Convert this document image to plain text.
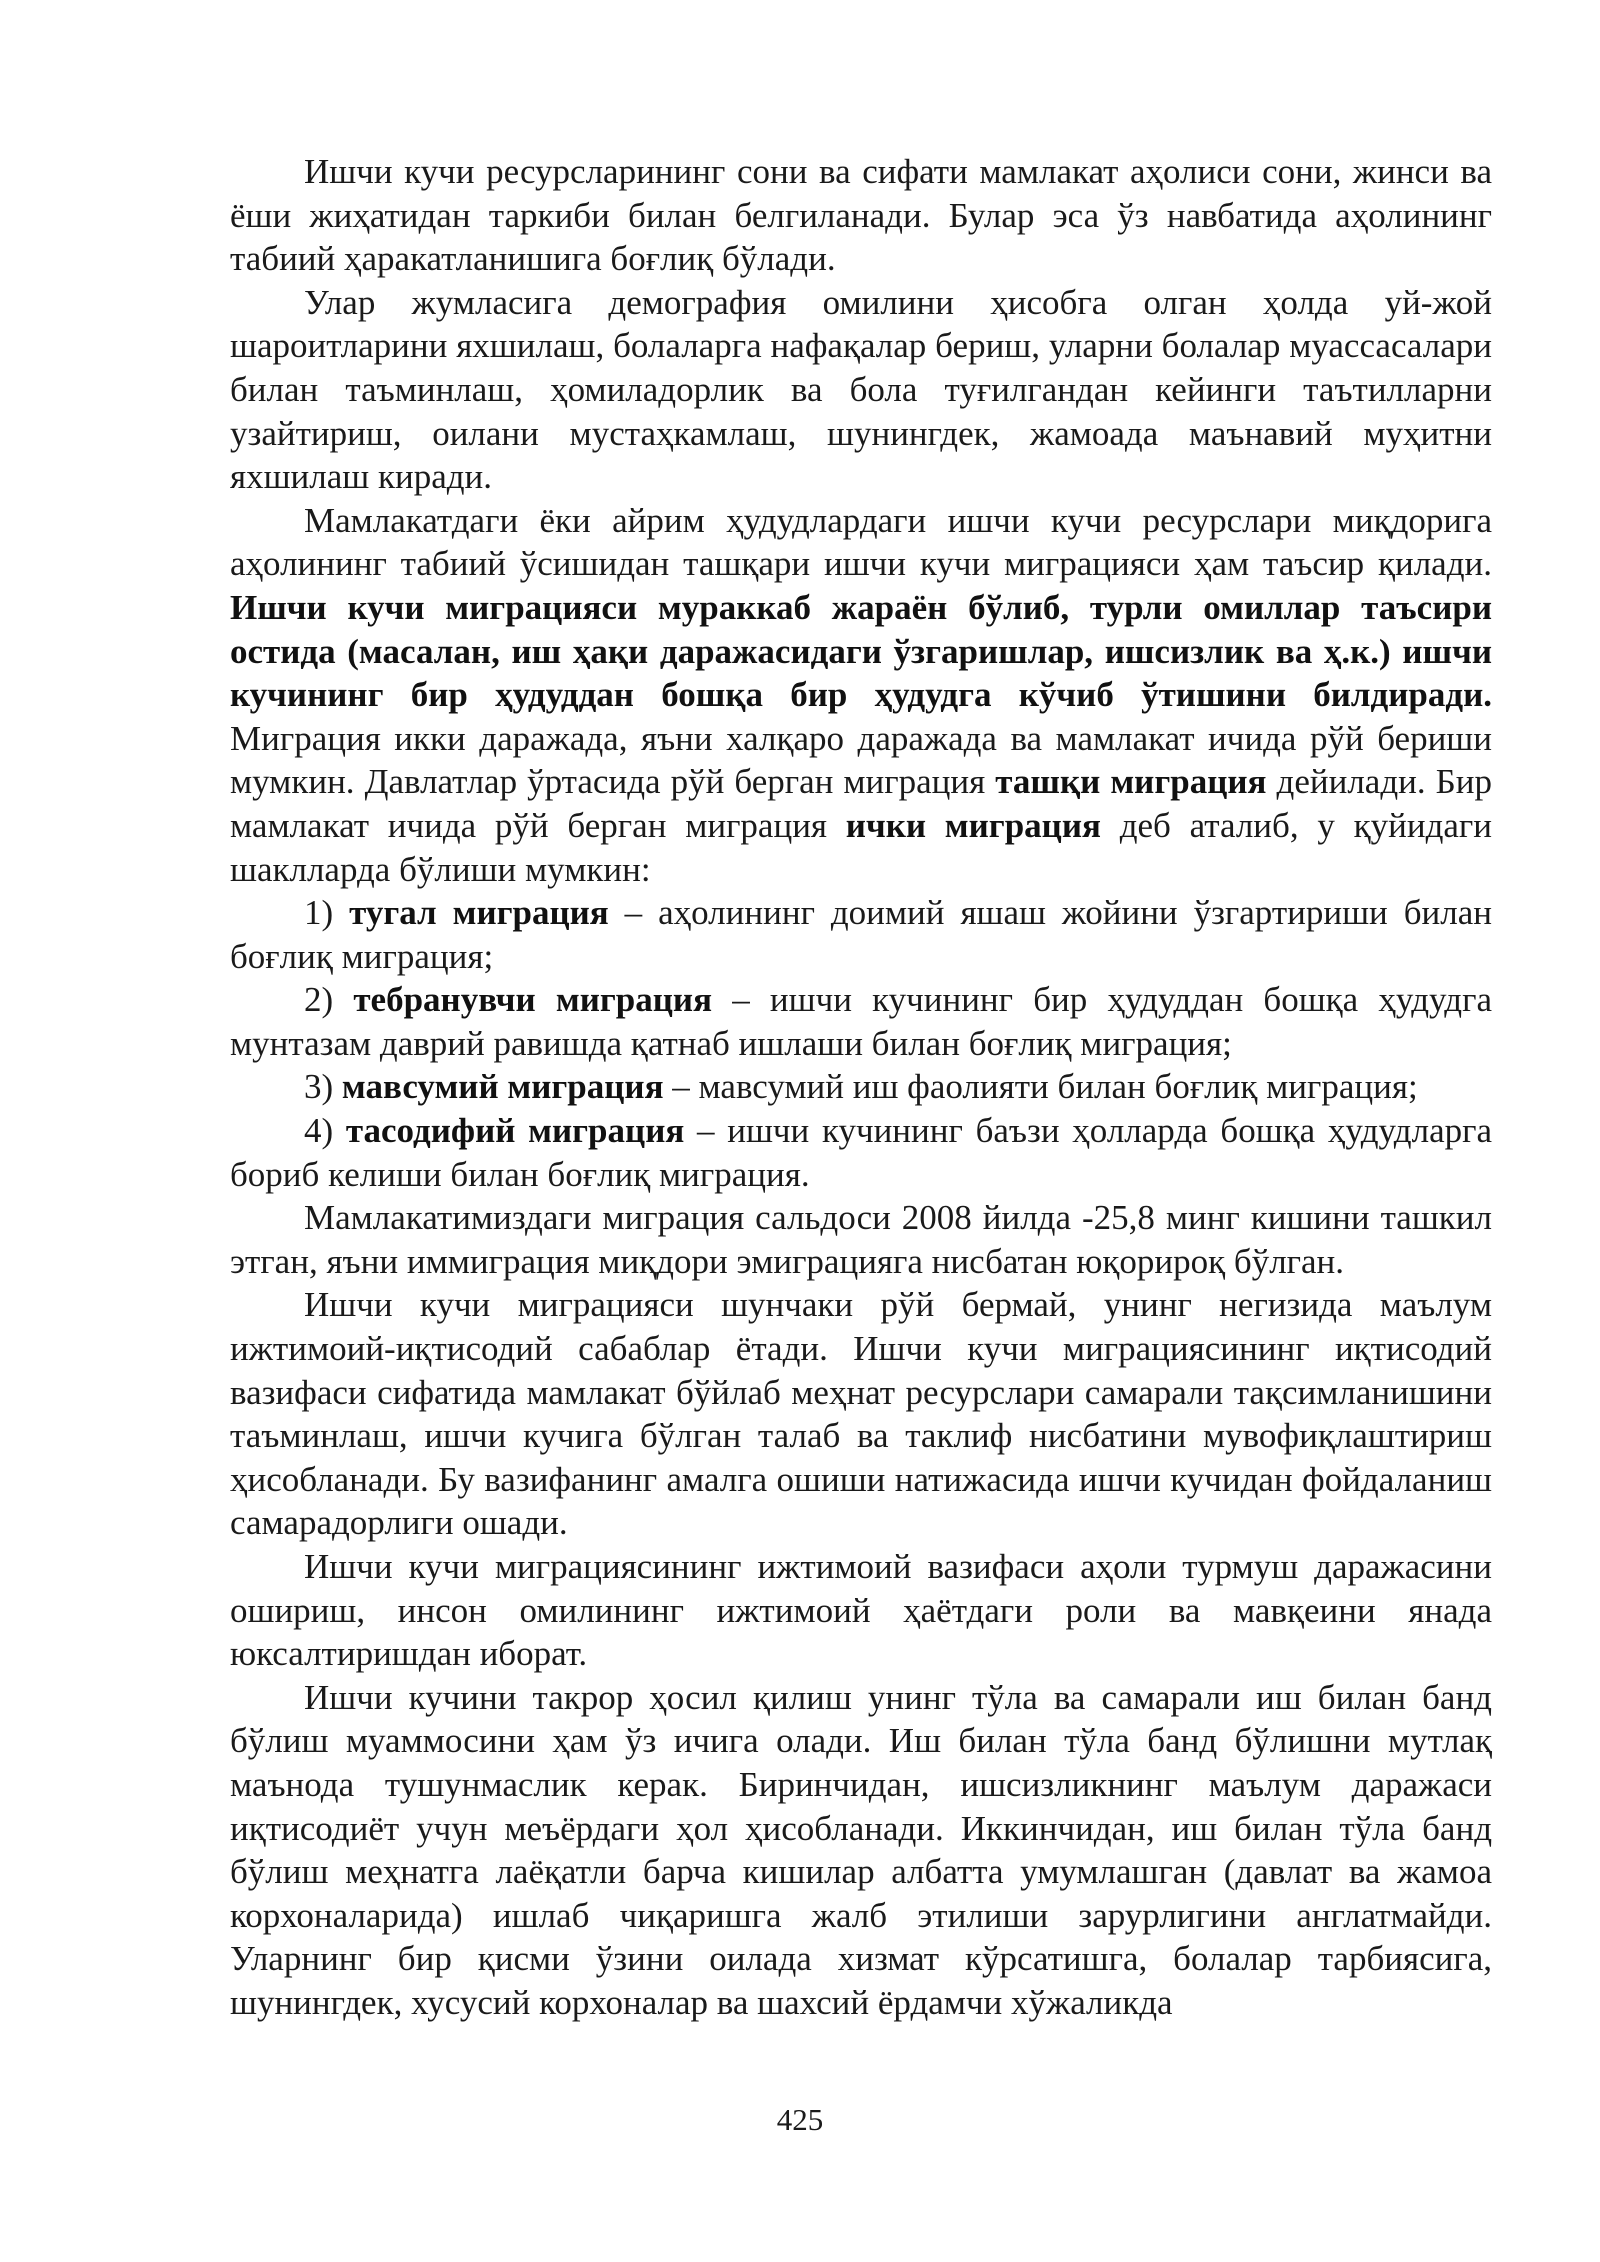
Ишчи кучи ресурсларининг сони ва сифати мамлакат аҳолиси сони, жинси ва ёши жиҳатидан таркиби билан белгиланади. Булар эса ўз навбатида аҳолининг табиий ҳаракатланишига боғлиқ бўлади.

Улар жумласига демография омилини ҳисобга олган ҳолда уй-жой шароитларини яхшилаш, болаларга нафақалар бериш, уларни болалар муассасалари билан таъминлаш, ҳомиладорлик ва бола туғилгандан кейинги таътилларни узайтириш, оилани мустаҳкамлаш, шунингдек, жамоада маънавий муҳитни яхшилаш киради.

Мамлакатдаги ёки айрим ҳудудлардаги ишчи кучи ресурслари миқдорига аҳолининг табиий ўсишидан ташқари ишчи кучи миграцияси ҳам таъсир қилади. Ишчи кучи миграцияси мураккаб жараён бўлиб, турли омиллар таъсири остида (масалан, иш ҳақи даражасидаги ўзгаришлар, ишсизлик ва ҳ.к.) ишчи кучининг бир ҳудуддан бошқа бир ҳудудга кўчиб ўтишини билдиради. Миграция икки даражада, яъни халқаро даражада ва мамлакат ичида рўй бериши мумкин. Давлатлар ўртасида рўй берган миграция ташқи миграция дейилади. Бир мамлакат ичида рўй берган миграция ички миграция деб аталиб, у қуйидаги шаклларда бўлиши мумкин:

1) тугал миграция – аҳолининг доимий яшаш жойини ўзгартириши билан боғлиқ миграция;

2) тебранувчи миграция – ишчи кучининг бир ҳудуддан бошқа ҳудудга мунтазам даврий равишда қатнаб ишлаши билан боғлиқ миграция;

3) мавсумий миграция – мавсумий иш фаолияти билан боғлиқ миграция;

4) тасодифий миграция – ишчи кучининг баъзи ҳолларда бошқа ҳудудларга бориб келиши билан боғлиқ миграция.

Мамлакатимиздаги миграция сальдоси 2008 йилда -25,8 минг кишини ташкил этган, яъни иммиграция миқдори эмиграцияга нисбатан юқорироқ бўлган.

Ишчи кучи миграцияси шунчаки рўй бермай, унинг негизида маълум ижтимоий-иқтисодий сабаблар ётади. Ишчи кучи миграциясининг иқтисодий вазифаси сифатида мамлакат бўйлаб меҳнат ресурслари самарали тақсимланишини таъминлаш, ишчи кучига бўлган талаб ва таклиф нисбатини мувофиқлаштириш ҳисобланади. Бу вазифанинг амалга ошиши натижасида ишчи кучидан фойдаланиш самарадорлиги ошади.

Ишчи кучи миграциясининг ижтимоий вазифаси аҳоли турмуш даражасини ошириш, инсон омилининг ижтимоий ҳаётдаги роли ва мавқеини янада юксалтиришдан иборат.

Ишчи кучини такрор ҳосил қилиш унинг тўла ва самарали иш билан банд бўлиш муаммосини ҳам ўз ичига олади. Иш билан тўла банд бўлишни мутлақ маънода тушунмаслик керак. Биринчидан, ишсизликнинг маълум даражаси иқтисодиёт учун меъёрдаги ҳол ҳисобланади. Иккинчидан, иш билан тўла банд бўлиш меҳнатга лаёқатли барча кишилар албатта умумлашган (давлат ва жамоа корхоналарида) ишлаб чиқаришга жалб этилиши зарурлигини англатмайди. Уларнинг бир қисми ўзини оилада хизмат кўрсатишга, болалар тарбиясига, шунингдек, хусусий корхоналар ва шахсий ёрдамчи хўжаликда

425
